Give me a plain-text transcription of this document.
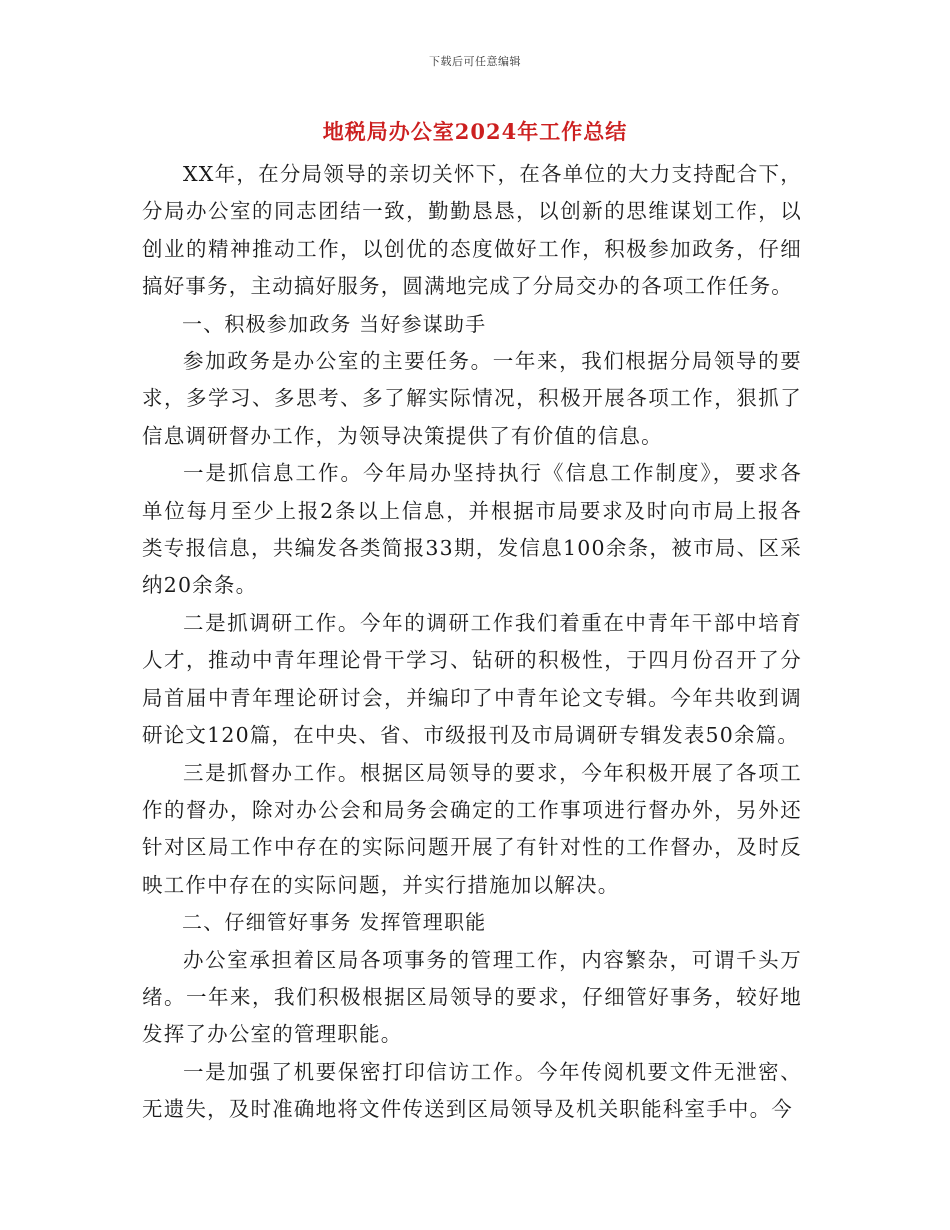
下载后可任意编辑
地税局办公室2024年工作总结

XX年，在分局领导的亲切关怀下，在各单位的大力支持配合下，分局办公室的同志团结一致，勤勤恳恳，以创新的思维谋划工作，以创业的精神推动工作，以创优的态度做好工作，积极参加政务，仔细搞好事务，主动搞好服务，圆满地完成了分局交办的各项工作任务。

一、积极参加政务 当好参谋助手

参加政务是办公室的主要任务。一年来，我们根据分局领导的要求，多学习、多思考、多了解实际情况，积极开展各项工作，狠抓了信息调研督办工作，为领导决策提供了有价值的信息。

一是抓信息工作。今年局办坚持执行《信息工作制度》，要求各单位每月至少上报2条以上信息，并根据市局要求及时向市局上报各类专报信息，共编发各类简报33期，发信息100余条，被市局、区采纳20余条。

二是抓调研工作。今年的调研工作我们着重在中青年干部中培育人才，推动中青年理论骨干学习、钻研的积极性，于四月份召开了分局首届中青年理论研讨会，并编印了中青年论文专辑。今年共收到调研论文120篇，在中央、省、市级报刊及市局调研专辑发表50余篇。

三是抓督办工作。根据区局领导的要求，今年积极开展了各项工作的督办，除对办公会和局务会确定的工作事项进行督办外，另外还针对区局工作中存在的实际问题开展了有针对性的工作督办，及时反映工作中存在的实际问题，并实行措施加以解决。

二、仔细管好事务 发挥管理职能

办公室承担着区局各项事务的管理工作，内容繁杂，可谓千头万绪。一年来，我们积极根据区局领导的要求，仔细管好事务，较好地发挥了办公室的管理职能。

一是加强了机要保密打印信访工作。今年传阅机要文件无泄密、无遗失，及时准确地将文件传送到区局领导及机关职能科室手中。今
